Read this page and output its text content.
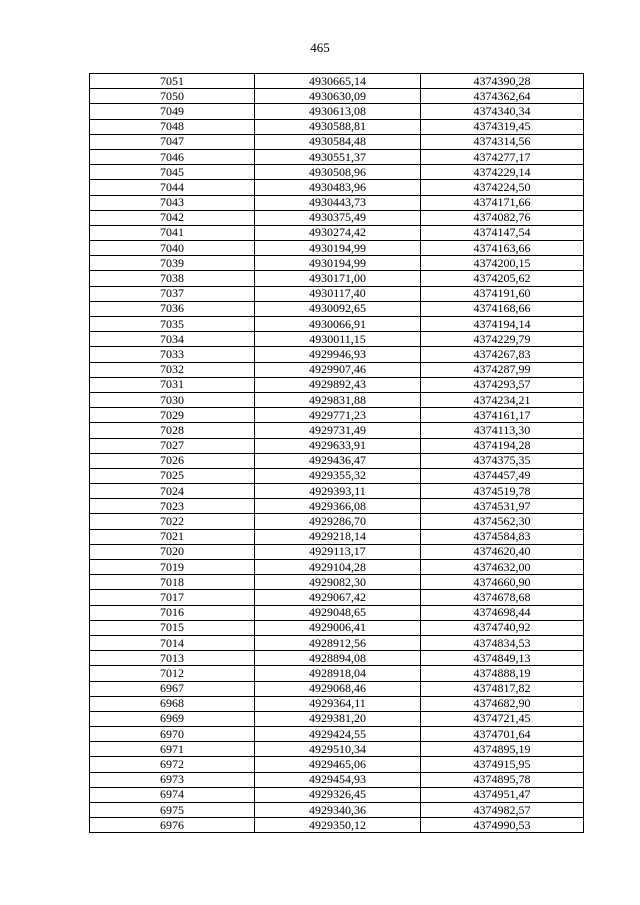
465
7051	4930665,14	4374390,28
7050	4930630,09	4374362,64
7049	4930613,08	4374340,34
7048	4930588,81	4374319,45
7047	4930584,48	4374314,56
7046	4930551,37	4374277,17
7045	4930508,96	4374229,14
7044	4930483,96	4374224,50
7043	4930443,73	4374171,66
7042	4930375,49	4374082,76
7041	4930274,42	4374147,54
7040	4930194,99	4374163,66
7039	4930194,99	4374200,15
7038	4930171,00	4374205,62
7037	4930117,40	4374191,60
7036	4930092,65	4374168,66
7035	4930066,91	4374194,14
7034	4930011,15	4374229,79
7033	4929946,93	4374267,83
7032	4929907,46	4374287,99
7031	4929892,43	4374293,57
7030	4929831,88	4374234,21
7029	4929771,23	4374161,17
7028	4929731,49	4374113,30
7027	4929633,91	4374194,28
7026	4929436,47	4374375,35
7025	4929355,32	4374457,49
7024	4929393,11	4374519,78
7023	4929366,08	4374531,97
7022	4929286,70	4374562,30
7021	4929218,14	4374584,83
7020	4929113,17	4374620,40
7019	4929104,28	4374632,00
7018	4929082,30	4374660,90
7017	4929067,42	4374678,68
7016	4929048,65	4374698,44
7015	4929006,41	4374740,92
7014	4928912,56	4374834,53
7013	4928894,08	4374849,13
7012	4928918,04	4374888,19
6967	4929068,46	4374817,82
6968	4929364,11	4374682,90
6969	4929381,20	4374721,45
6970	4929424,55	4374701,64
6971	4929510,34	4374895,19
6972	4929465,06	4374915,95
6973	4929454,93	4374895,78
6974	4929326,45	4374951,47
6975	4929340,36	4374982,57
6976	4929350,12	4374990,53
